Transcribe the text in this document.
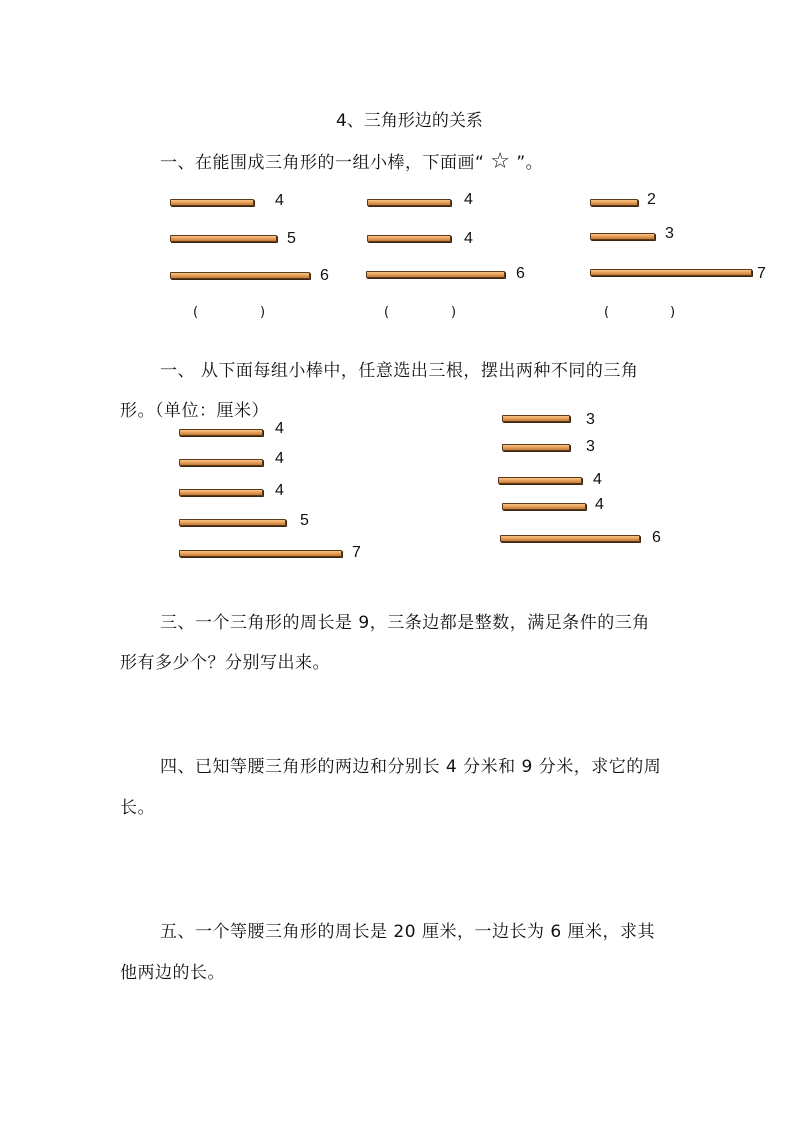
4、三角形边的关系
一、在能围成三角形的一组小棒，下面画“ ☆ ”。
4
5
6
(	)
4
4
6
(	)
2
3
7
(	)
一、 从下面每组小棒中，任意选出三根，摆出两种不同的三角
形。（单位：厘米）
4
4
4
5
7
3
3
4
4
6
三、一个三角形的周长是 9，三条边都是整数，满足条件的三角
形有多少个？分别写出来。
四、已知等腰三角形的两边和分别长 4 分米和 9 分米，求它的周
长。
五、一个等腰三角形的周长是 20 厘米，一边长为 6 厘米，求其
他两边的长。
